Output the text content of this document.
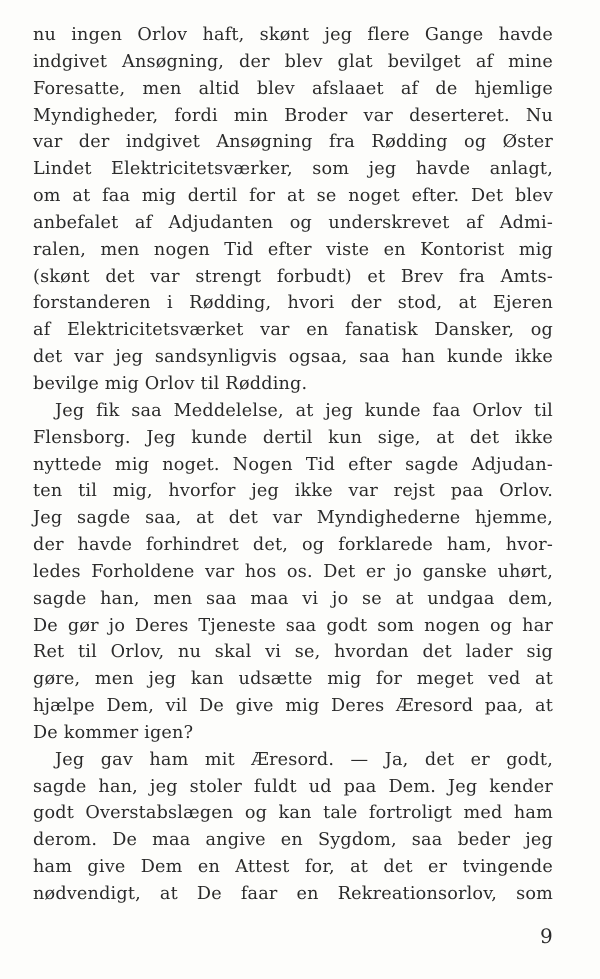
nu ingen Orlov haft, skønt jeg flere Gange havde
indgivet Ansøgning, der blev glat bevilget af mine
Foresatte, men altid blev afslaaet af de hjemlige
Myndigheder, fordi min Broder var deserteret. Nu
var der indgivet Ansøgning fra Rødding og Øster
Lindet Elektricitetsværker, som jeg havde anlagt,
om at faa mig dertil for at se noget efter. Det blev
anbefalet af Adjudanten og underskrevet af Admi-
ralen, men nogen Tid efter viste en Kontorist mig
(skønt det var strengt forbudt) et Brev fra Amts-
forstanderen i Rødding, hvori der stod, at Ejeren
af Elektricitetsværket var en fanatisk Dansker, og
det var jeg sandsynligvis ogsaa, saa han kunde ikke
bevilge mig Orlov til Rødding.
Jeg fik saa Meddelelse, at jeg kunde faa Orlov til
Flensborg. Jeg kunde dertil kun sige, at det ikke
nyttede mig noget. Nogen Tid efter sagde Adjudan-
ten til mig, hvorfor jeg ikke var rejst paa Orlov.
Jeg sagde saa, at det var Myndighederne hjemme,
der havde forhindret det, og forklarede ham, hvor-
ledes Forholdene var hos os. Det er jo ganske uhørt,
sagde han, men saa maa vi jo se at undgaa dem,
De gør jo Deres Tjeneste saa godt som nogen og har
Ret til Orlov, nu skal vi se, hvordan det lader sig
gøre, men jeg kan udsætte mig for meget ved at
hjælpe Dem, vil De give mig Deres Æresord paa, at
De kommer igen?
Jeg gav ham mit Æresord. — Ja, det er godt,
sagde han, jeg stoler fuldt ud paa Dem. Jeg kender
godt Overstabslægen og kan tale fortroligt med ham
derom. De maa angive en Sygdom, saa beder jeg
ham give Dem en Attest for, at det er tvingende
nødvendigt, at De faar en Rekreationsorlov, som
9
